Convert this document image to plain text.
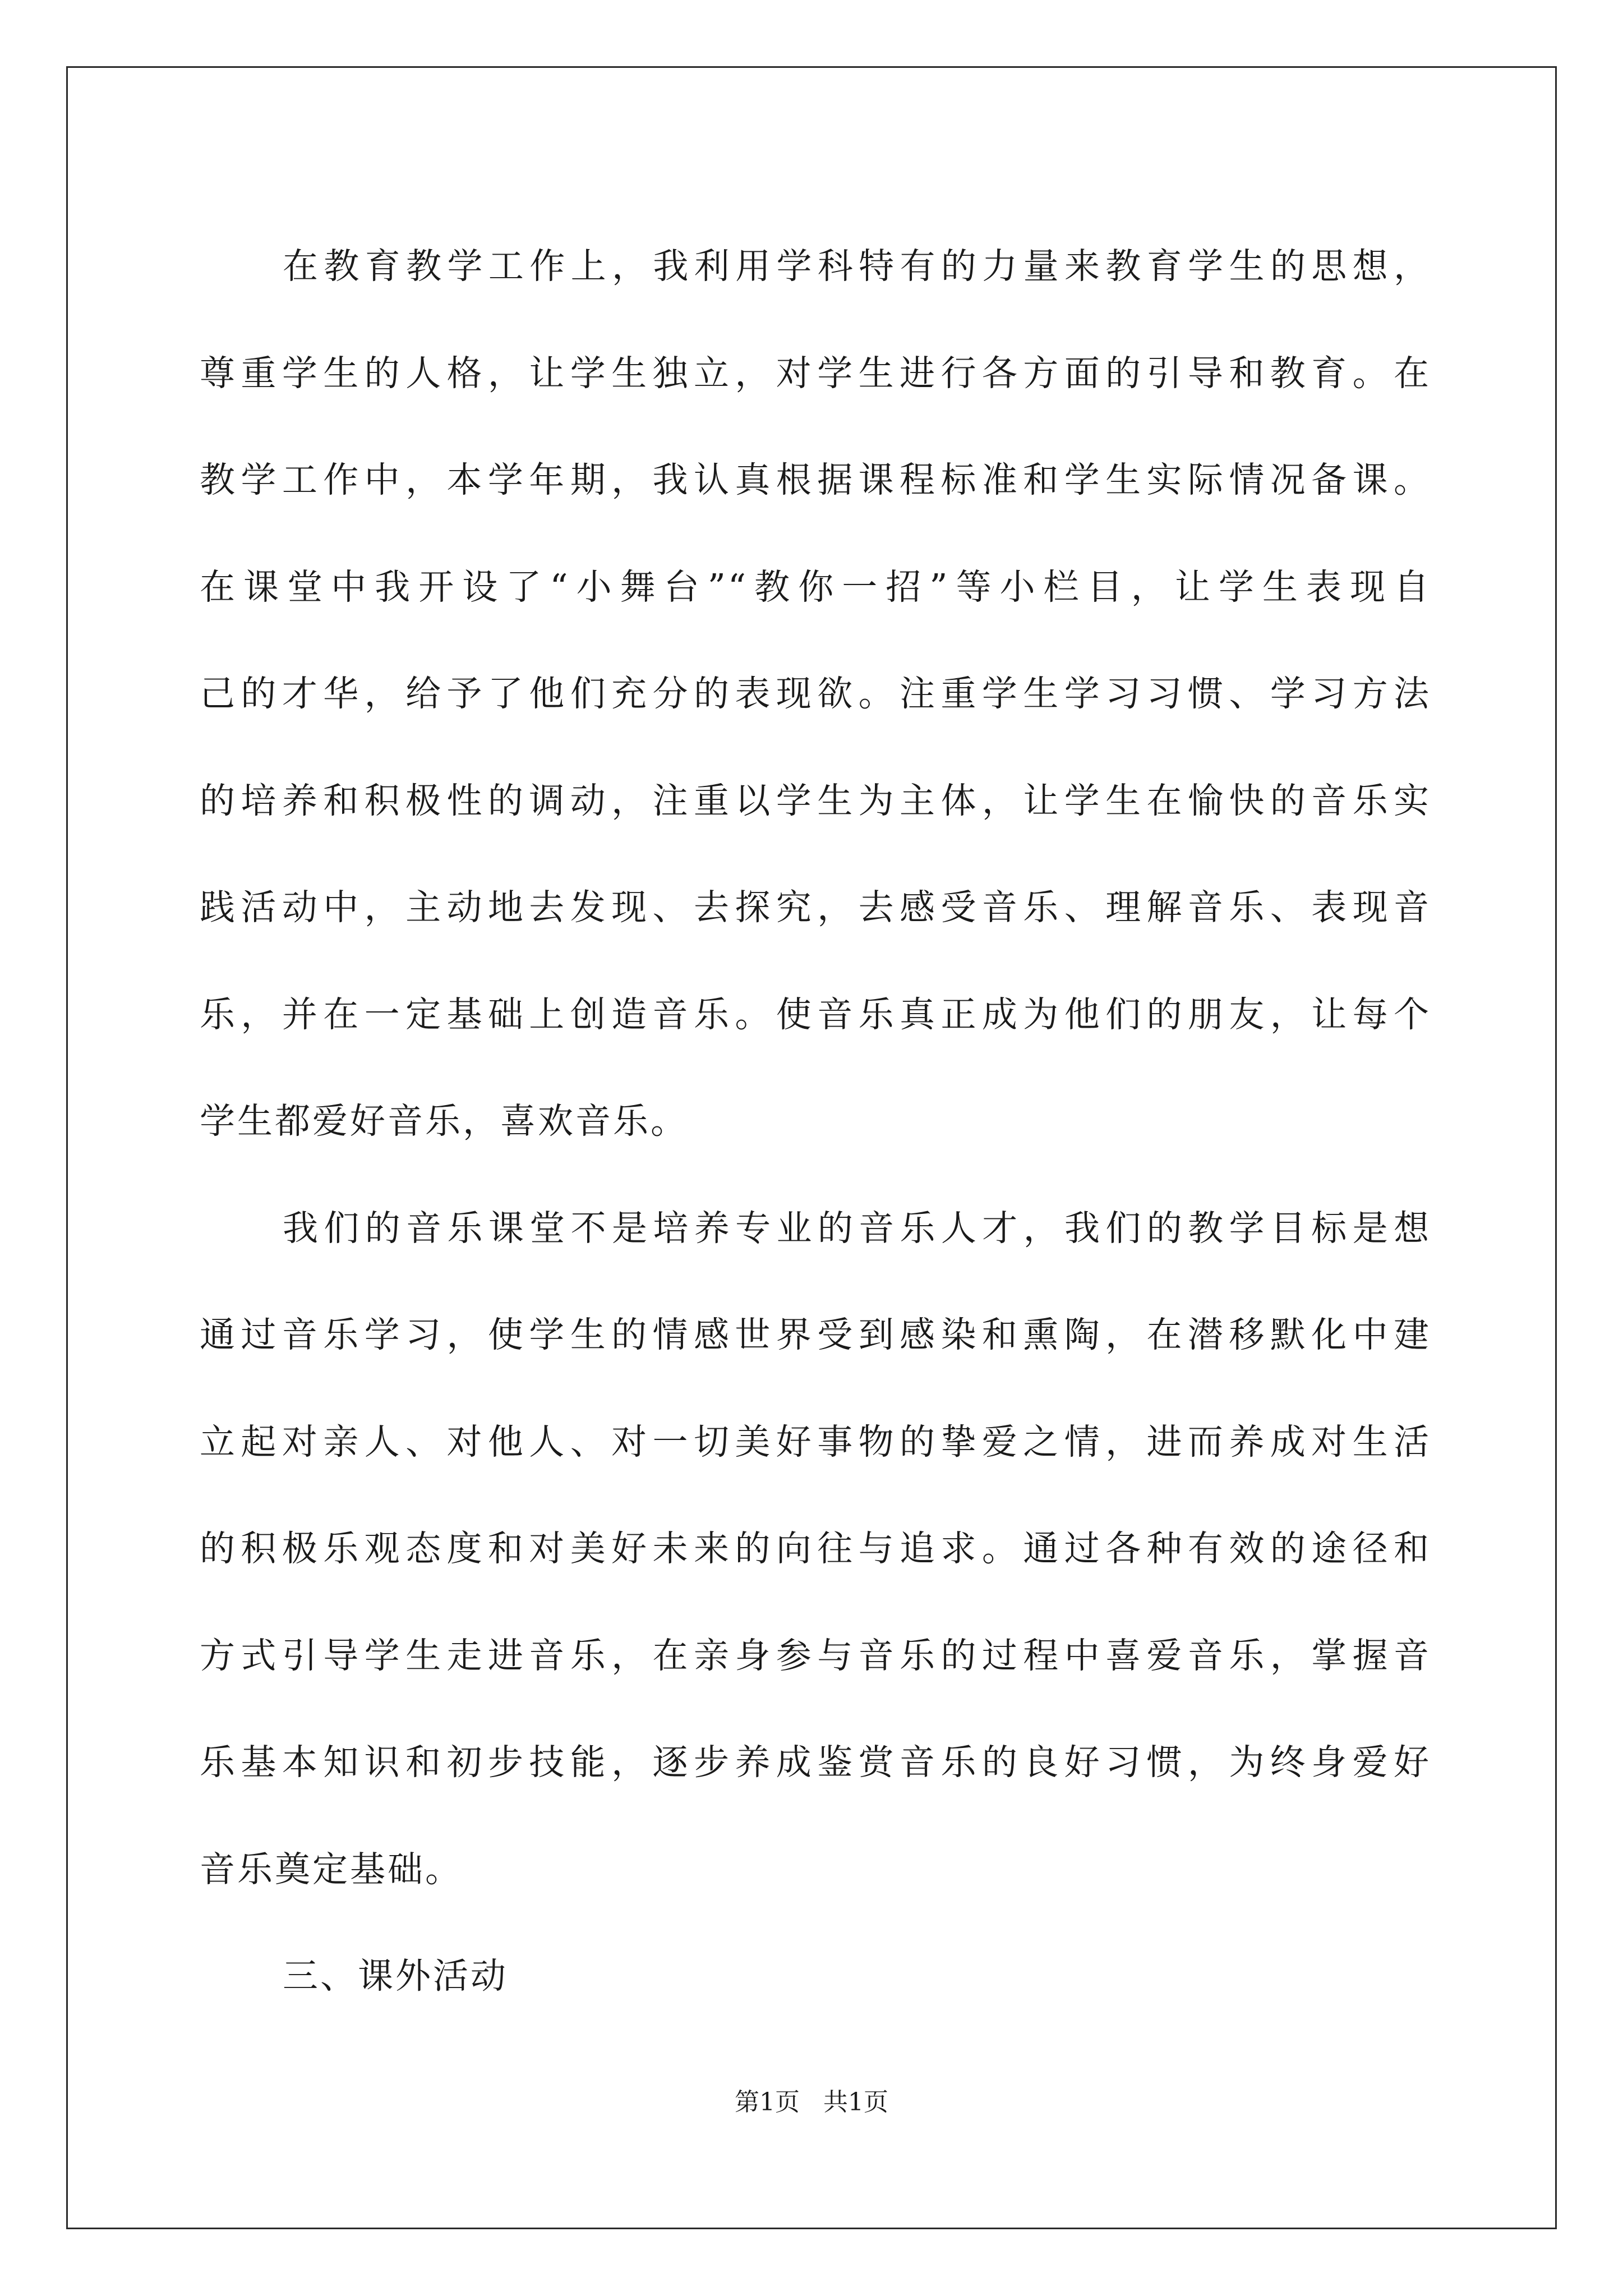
在教育教学工作上，我利用学科特有的力量来教育学生的思想，
尊重学生的人格，让学生独立，对学生进行各方面的引导和教育。在
教学工作中，本学年期，我认真根据课程标准和学生实际情况备课。
在课堂中我开设了“小舞台”“教你一招”等小栏目，让学生表现自
己的才华，给予了他们充分的表现欲。注重学生学习习惯、学习方法
的培养和积极性的调动，注重以学生为主体，让学生在愉快的音乐实
践活动中，主动地去发现、去探究，去感受音乐、理解音乐、表现音
乐，并在一定基础上创造音乐。使音乐真正成为他们的朋友，让每个
学生都爱好音乐，喜欢音乐。
我们的音乐课堂不是培养专业的音乐人才，我们的教学目标是想
通过音乐学习，使学生的情感世界受到感染和熏陶，在潜移默化中建
立起对亲人、对他人、对一切美好事物的挚爱之情，进而养成对生活
的积极乐观态度和对美好未来的向往与追求。通过各种有效的途径和
方式引导学生走进音乐，在亲身参与音乐的过程中喜爱音乐，掌握音
乐基本知识和初步技能，逐步养成鉴赏音乐的良好习惯，为终身爱好
音乐奠定基础。
三、课外活动
第1页 共1页
